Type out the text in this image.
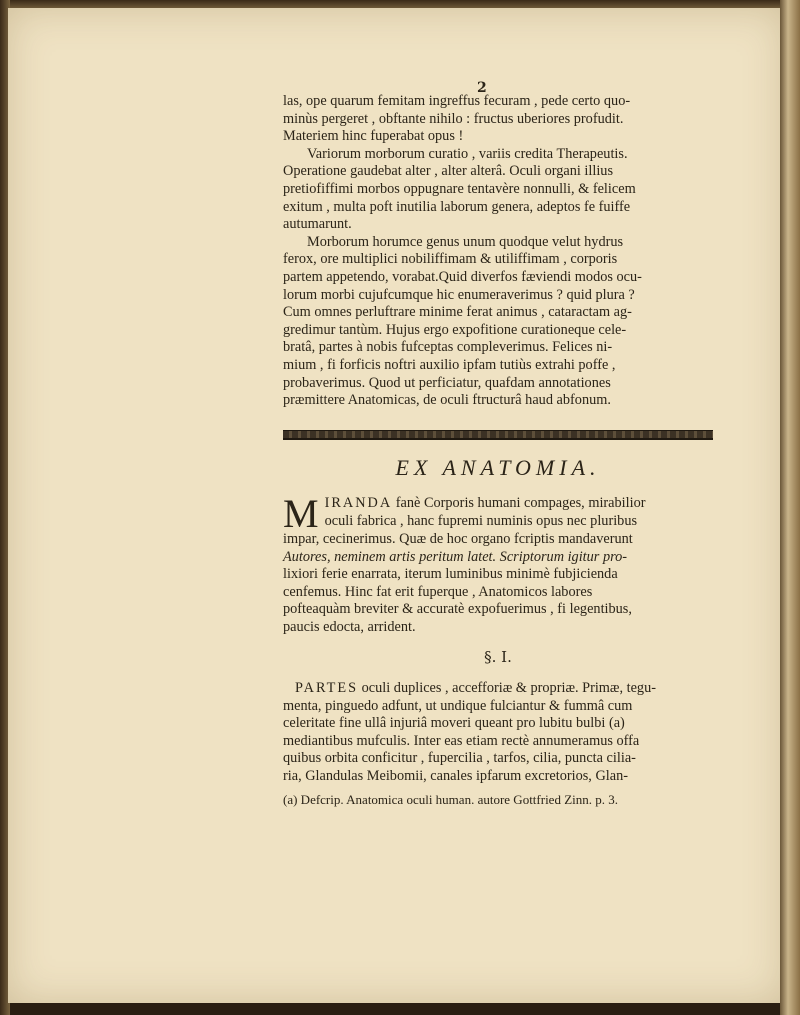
2

las, ope quarum femitam ingreffus fecuram , pede certo quo-
minùs pergeret , obftante nihilo : fructus uberiores profudit.
Materiem hinc fuperabat opus !

Variorum morborum curatio , variis credita Therapeutis.
Operatione gaudebat alter , alter alterâ. Oculi organi illius
pretiofiffimi morbos oppugnare tentavère nonnulli, & felicem
exitum , multa poft inutilia laborum genera, adeptos fe fuiffe
autumarunt.

Morborum horumce genus unum quodque velut hydrus
ferox, ore multiplici nobiliffimam & utiliffimam , corporis
partem appetendo, vorabat.Quid diverfos fæviendi modos ocu-
lorum morbi cujufcumque hic enumeraverimus ? quid plura ?
Cum omnes perluftrare minime ferat animus , cataractam ag-
gredimur tantùm. Hujus ergo expofitione curationeque cele-
bratâ, partes à nobis fufceptas compleverimus. Felices ni-
mium , fi forficis noftri auxilio ipfam tutiùs extrahi poffe ,
probaverimus. Quod ut perficiatur, quafdam annotationes
præmittere Anatomicas, de oculi ftructurâ haud abfonum.

EX ANATOMIA.

M IRANDA fanè Corporis humani compages, mirabilior
oculi fabrica , hanc fupremi numinis opus nec pluribus
impar, cecinerimus. Quæ de hoc organo fcriptis mandaverunt
Autores, neminem artis peritum latet. Scriptorum igitur pro-
lixiori ferie enarrata, iterum luminibus minimè fubjicienda
cenfemus. Hinc fat erit fuperque , Anatomicos labores
pofteaquàm breviter & accuratè expofuerimus , fi legentibus,
paucis edocta, arrident.

§. I.

PARTES oculi duplices , accefforiæ & propriæ. Primæ, tegu-
menta, pinguedo adfunt, ut undique fulciantur & fummâ cum
celeritate fine ullâ injuriâ moveri queant pro lubitu bulbi (a)
mediantibus mufculis. Inter eas etiam rectè annumeramus offa
quibus orbita conficitur , fupercilia , tarfos, cilia, puncta cilia-
ria, Glandulas Meibomii, canales ipfarum excretorios, Glan-

(a) Defcrip. Anatomica oculi human. autore Gottfried Zinn. p. 3.
